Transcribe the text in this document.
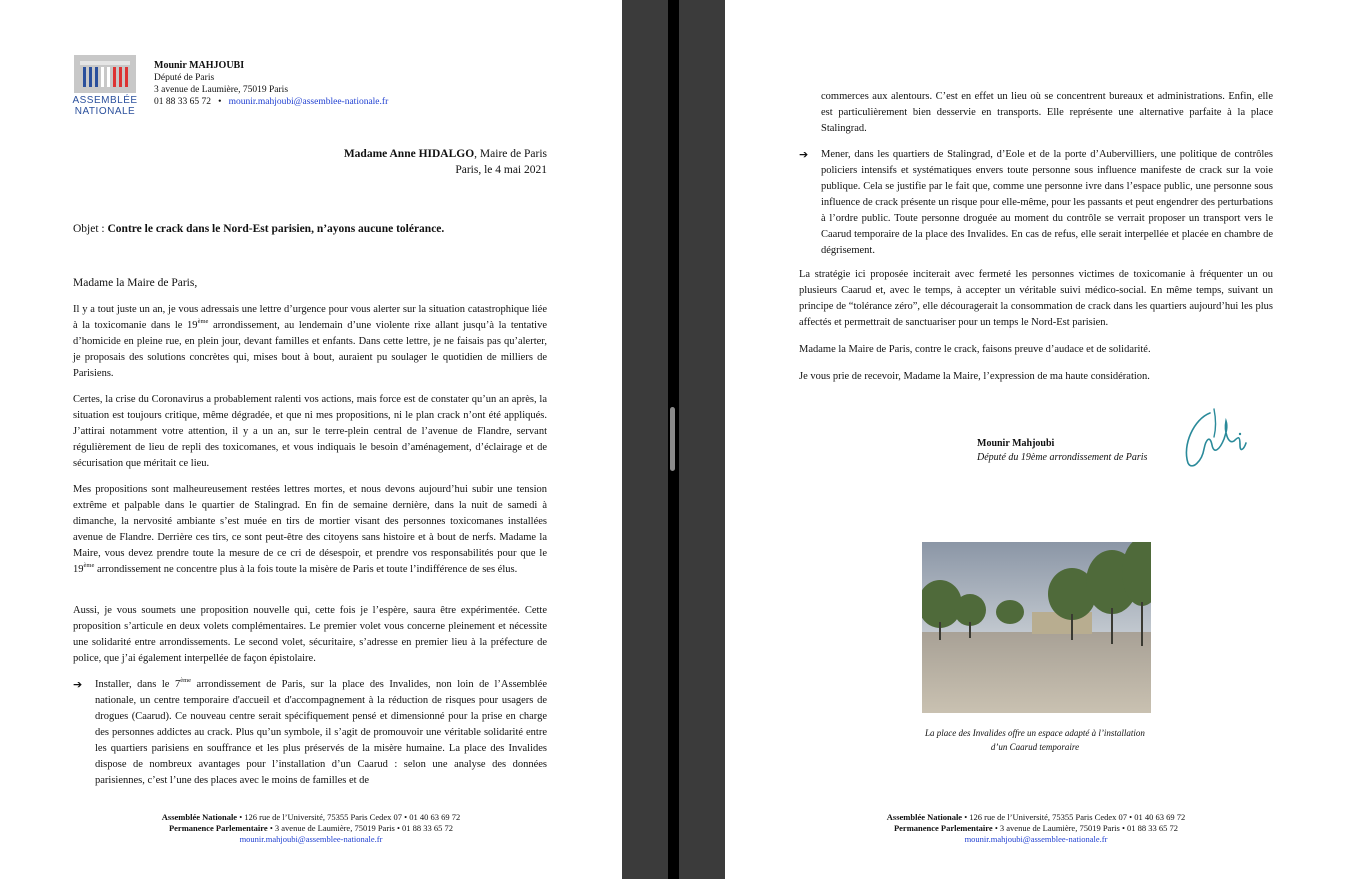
ASSEMBLÉE
NATIONALE
Mounir MAHJOUBI
Député de Paris
3 avenue de Laumière, 75019 Paris
01 88 33 65 72 • mounir.mahjoubi@assemblee-nationale.fr
Madame Anne HIDALGO, Maire de Paris
Paris, le 4 mai 2021
Objet : Contre le crack dans le Nord-Est parisien, n’ayons aucune tolérance.
Madame la Maire de Paris,
Il y a tout juste un an, je vous adressais une lettre d’urgence pour vous alerter sur la situation catastrophique liée à la toxicomanie dans le 19ème arrondissement, au lendemain d’une violente rixe allant jusqu’à la tentative d’homicide en pleine rue, en plein jour, devant familles et enfants. Dans cette lettre, je ne faisais pas qu’alerter, je proposais des solutions concrètes qui, mises bout à bout, auraient pu soulager le quotidien de milliers de Parisiens.
Certes, la crise du Coronavirus a probablement ralenti vos actions, mais force est de constater qu’un an après, la situation est toujours critique, même dégradée, et que ni mes propositions, ni le plan crack n’ont été appliqués. J’attirai notamment votre attention, il y a un an, sur le terre-plein central de l’avenue de Flandre, servant régulièrement de lieu de repli des toxicomanes, et vous indiquais le besoin d’aménagement, d’éclairage et de sécurisation que méritait ce lieu.
Mes propositions sont malheureusement restées lettres mortes, et nous devons aujourd’hui subir une tension extrême et palpable dans le quartier de Stalingrad. En fin de semaine dernière, dans la nuit de samedi à dimanche, la nervosité ambiante s’est muée en tirs de mortier visant des personnes toxicomanes installées avenue de Flandre. Derrière ces tirs, ce sont peut-être des citoyens sans histoire et à bout de nerfs. Madame la Maire, vous devez prendre toute la mesure de ce cri de désespoir, et prendre vos responsabilités pour que le 19ème arrondissement ne concentre plus à la fois toute la misère de Paris et toute l’indifférence de ses élus.
Aussi, je vous soumets une proposition nouvelle qui, cette fois je l’espère, saura être expérimentée. Cette proposition s’articule en deux volets complémentaires. Le premier volet vous concerne pleinement et nécessite une solidarité entre arrondissements. Le second volet, sécuritaire, s’adresse en premier lieu à la préfecture de police, que j’ai également interpellée de façon épistolaire.
➔ Installer, dans le 7ème arrondissement de Paris, sur la place des Invalides, non loin de l’Assemblée nationale, un centre temporaire d'accueil et d'accompagnement à la réduction de risques pour usagers de drogues (Caarud). Ce nouveau centre serait spécifiquement pensé et dimensionné pour la prise en charge des personnes addictes au crack. Plus qu’un symbole, il s’agit de promouvoir une véritable solidarité entre les quartiers parisiens en souffrance et les plus préservés de la misère humaine. La place des Invalides dispose de nombreux avantages pour l’installation d’un Caarud : selon une analyse des données parisiennes, c’est l’une des places avec le moins de familles et de
Assemblée Nationale • 126 rue de l’Université, 75355 Paris Cedex 07 • 01 40 63 69 72
Permanence Parlementaire • 3 avenue de Laumière, 75019 Paris • 01 88 33 65 72
mounir.mahjoubi@assemblee-nationale.fr
commerces aux alentours. C’est en effet un lieu où se concentrent bureaux et administrations. Enfin, elle est particulièrement bien desservie en transports. Elle représente une alternative parfaite à la place Stalingrad.
➔ Mener, dans les quartiers de Stalingrad, d’Eole et de la porte d’Aubervilliers, une politique de contrôles policiers intensifs et systématiques envers toute personne sous influence manifeste de crack sur la voie publique. Cela se justifie par le fait que, comme une personne ivre dans l’espace public, une personne sous influence de crack présente un risque pour elle-même, pour les passants et peut engendrer des perturbations à l’ordre public. Toute personne droguée au moment du contrôle se verrait proposer un transport vers le Caarud temporaire de la place des Invalides. En cas de refus, elle serait interpellée et placée en chambre de dégrisement.
La stratégie ici proposée inciterait avec fermeté les personnes victimes de toxicomanie à fréquenter un ou plusieurs Caarud et, avec le temps, à accepter un véritable suivi médico-social. En même temps, suivant un principe de “tolérance zéro”, elle découragerait la consommation de crack dans les quartiers aujourd’hui les plus affectés et permettrait de sanctuariser pour un temps le Nord-Est parisien.
Madame la Maire de Paris, contre le crack, faisons preuve d’audace et de solidarité.
Je vous prie de recevoir, Madame la Maire, l’expression de ma haute considération.
Mounir Mahjoubi
Député du 19ème arrondissement de Paris
La place des Invalides offre un espace adapté à l’installation
d’un Caarud temporaire
Assemblée Nationale • 126 rue de l’Université, 75355 Paris Cedex 07 • 01 40 63 69 72
Permanence Parlementaire • 3 avenue de Laumière, 75019 Paris • 01 88 33 65 72
mounir.mahjoubi@assemblee-nationale.fr
